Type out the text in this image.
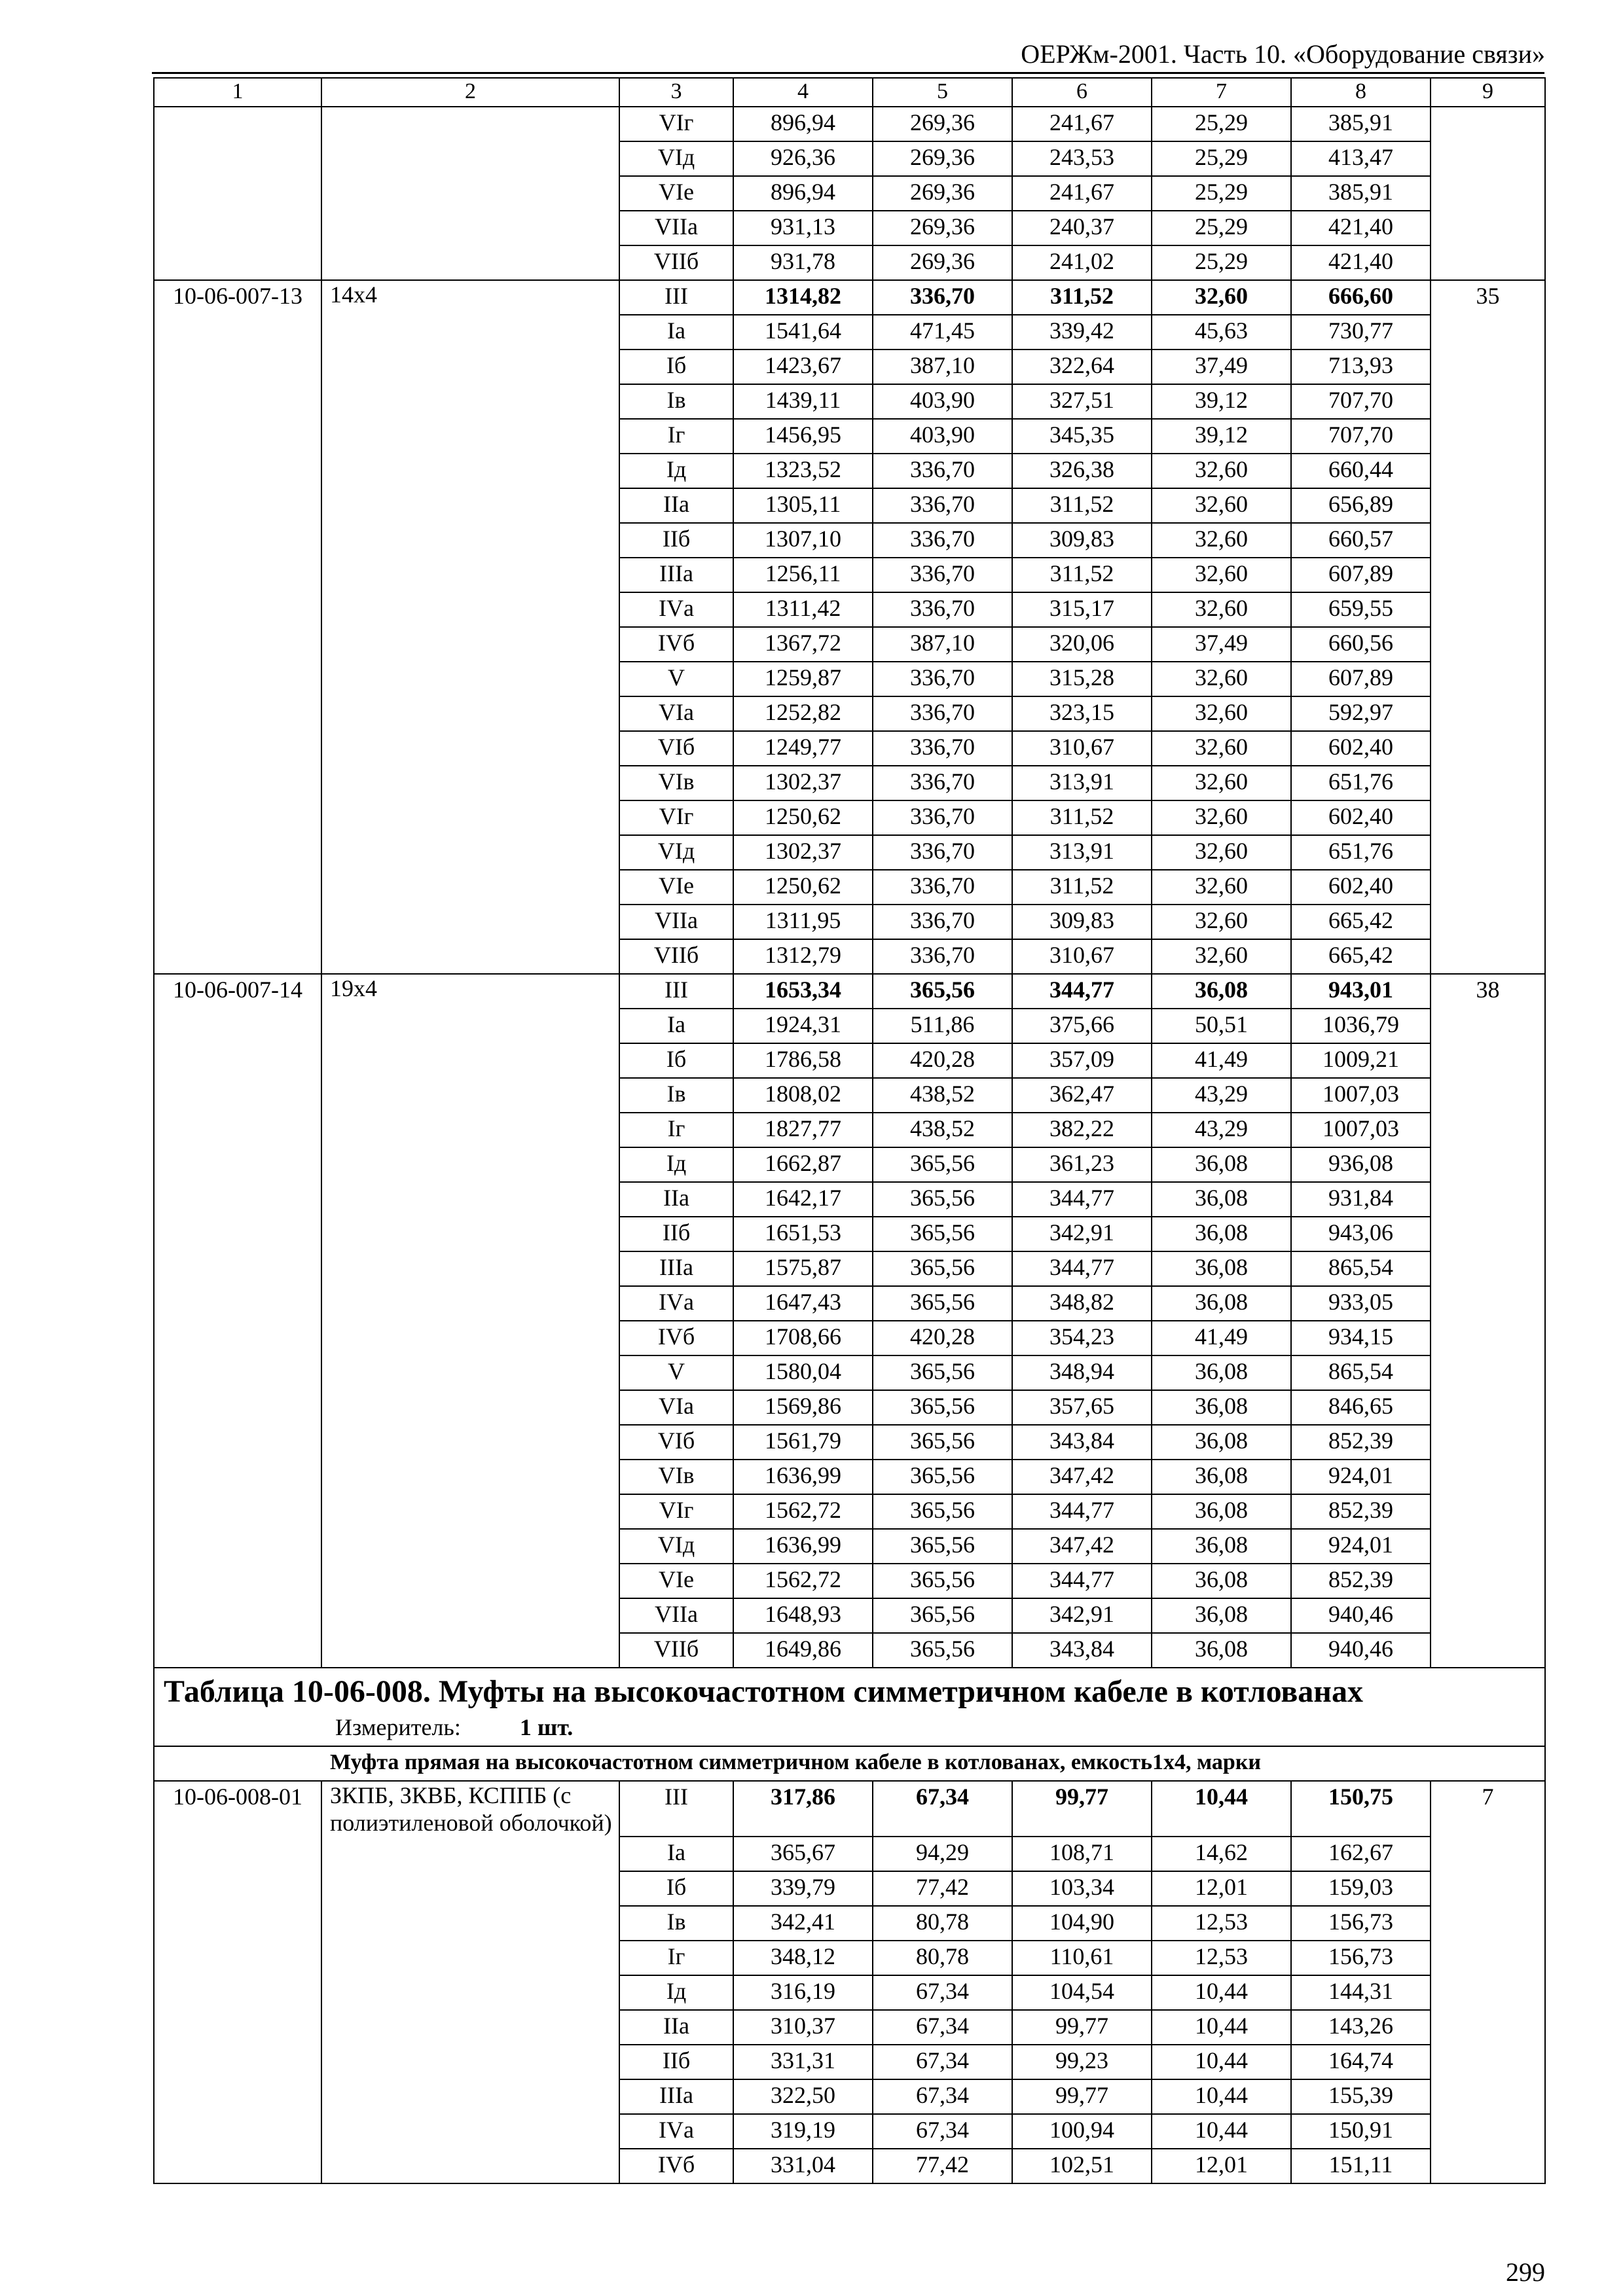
ОЕРЖм-2001. Часть 10. «Оборудование связи»
1	2	3	4	5	6	7	8	9
		VIг	896,94	269,36	241,67	25,29	385,91	
		VIд	926,36	269,36	243,53	25,29	413,47	
		VIе	896,94	269,36	241,67	25,29	385,91	
		VIIа	931,13	269,36	240,37	25,29	421,40	
		VIIб	931,78	269,36	241,02	25,29	421,40	
10-06-007-13	14х4	III	1314,82	336,70	311,52	32,60	666,60	35
		Iа	1541,64	471,45	339,42	45,63	730,77	
		Iб	1423,67	387,10	322,64	37,49	713,93	
		Iв	1439,11	403,90	327,51	39,12	707,70	
		Iг	1456,95	403,90	345,35	39,12	707,70	
		Iд	1323,52	336,70	326,38	32,60	660,44	
		IIа	1305,11	336,70	311,52	32,60	656,89	
		IIб	1307,10	336,70	309,83	32,60	660,57	
		IIIа	1256,11	336,70	311,52	32,60	607,89	
		IVа	1311,42	336,70	315,17	32,60	659,55	
		IVб	1367,72	387,10	320,06	37,49	660,56	
		V	1259,87	336,70	315,28	32,60	607,89	
		VIа	1252,82	336,70	323,15	32,60	592,97	
		VIб	1249,77	336,70	310,67	32,60	602,40	
		VIв	1302,37	336,70	313,91	32,60	651,76	
		VIг	1250,62	336,70	311,52	32,60	602,40	
		VIд	1302,37	336,70	313,91	32,60	651,76	
		VIе	1250,62	336,70	311,52	32,60	602,40	
		VIIа	1311,95	336,70	309,83	32,60	665,42	
		VIIб	1312,79	336,70	310,67	32,60	665,42	
10-06-007-14	19х4	III	1653,34	365,56	344,77	36,08	943,01	38
		Iа	1924,31	511,86	375,66	50,51	1036,79	
		Iб	1786,58	420,28	357,09	41,49	1009,21	
		Iв	1808,02	438,52	362,47	43,29	1007,03	
		Iг	1827,77	438,52	382,22	43,29	1007,03	
		Iд	1662,87	365,56	361,23	36,08	936,08	
		IIа	1642,17	365,56	344,77	36,08	931,84	
		IIб	1651,53	365,56	342,91	36,08	943,06	
		IIIа	1575,87	365,56	344,77	36,08	865,54	
		IVа	1647,43	365,56	348,82	36,08	933,05	
		IVб	1708,66	420,28	354,23	41,49	934,15	
		V	1580,04	365,56	348,94	36,08	865,54	
		VIа	1569,86	365,56	357,65	36,08	846,65	
		VIб	1561,79	365,56	343,84	36,08	852,39	
		VIв	1636,99	365,56	347,42	36,08	924,01	
		VIг	1562,72	365,56	344,77	36,08	852,39	
		VIд	1636,99	365,56	347,42	36,08	924,01	
		VIе	1562,72	365,56	344,77	36,08	852,39	
		VIIа	1648,93	365,56	342,91	36,08	940,46	
		VIIб	1649,86	365,56	343,84	36,08	940,46	

Таблица 10-06-008. Муфты на высокочастотном симметричном кабеле в котлованах
Измеритель: 1 шт.								

Муфта прямая на высокочастотном симметричном кабеле в котлованах, емкость1х4, марки								
10-06-008-01	ЗКПБ, ЗКВБ, КСППБ (с полиэтиленовой оболочкой)	III	317,86	67,34	99,77	10,44	150,75	7
		Iа	365,67	94,29	108,71	14,62	162,67	
		Iб	339,79	77,42	103,34	12,01	159,03	
		Iв	342,41	80,78	104,90	12,53	156,73	
		Iг	348,12	80,78	110,61	12,53	156,73	
		Iд	316,19	67,34	104,54	10,44	144,31	
		IIа	310,37	67,34	99,77	10,44	143,26	
		IIб	331,31	67,34	99,23	10,44	164,74	
		IIIа	322,50	67,34	99,77	10,44	155,39	
		IVа	319,19	67,34	100,94	10,44	150,91	
		IVб	331,04	77,42	102,51	12,01	151,11	
299
